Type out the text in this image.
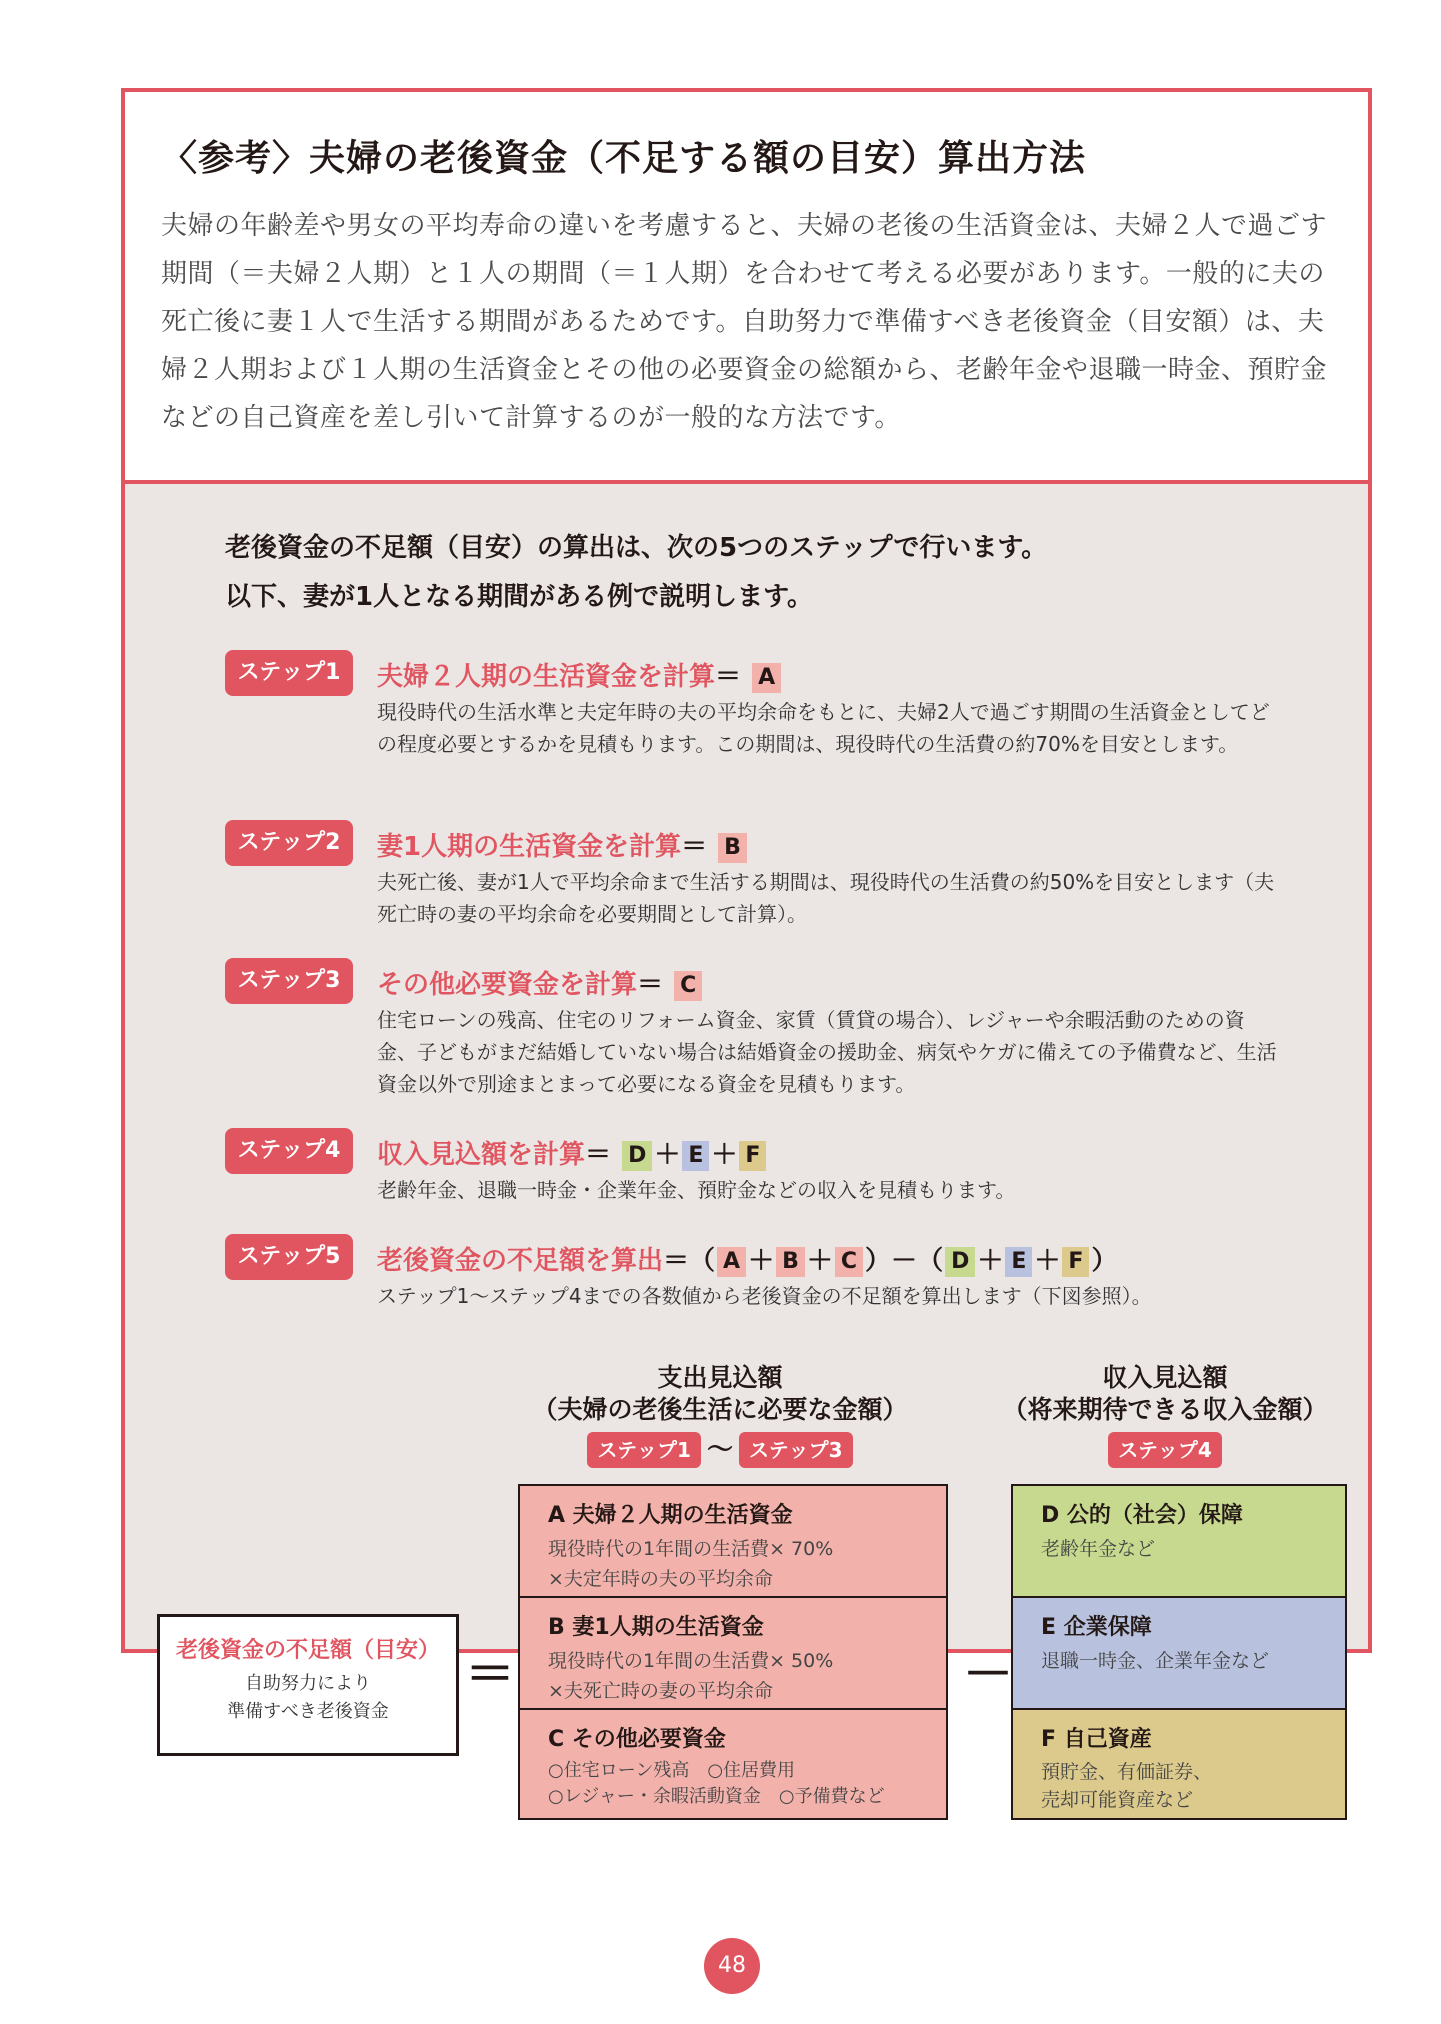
〈参考〉夫婦の老後資金（不足する額の目安）算出方法

夫婦の年齢差や男女の平均寿命の違いを考慮すると、夫婦の老後の生活資金は、夫婦２人で過ごす期間（＝夫婦２人期）と１人の期間（＝１人期）を合わせて考える必要があります。一般的に夫の死亡後に妻１人で生活する期間があるためです。自助努力で準備すべき老後資金（目安額）は、夫婦２人期および１人期の生活資金とその他の必要資金の総額から、老齢年金や退職一時金、預貯金などの自己資産を差し引いて計算するのが一般的な方法です。

老後資金の不足額（目安）の算出は、次の5つのステップで行います。
以下、妻が1人となる期間がある例で説明します。
ステップ1	夫婦２人期の生活資金を計算＝ A
現役時代の生活水準と夫定年時の夫の平均余命をもとに、夫婦2人で過ごす期間の生活資金としてどの程度必要とするかを見積もります。この期間は、現役時代の生活費の約70%を目安とします。
ステップ2	妻1人期の生活資金を計算＝ B
夫死亡後、妻が1人で平均余命まで生活する期間は、現役時代の生活費の約50%を目安とします（夫死亡時の妻の平均余命を必要期間として計算）。
ステップ3	その他必要資金を計算＝ C
住宅ローンの残高、住宅のリフォーム資金、家賃（賃貸の場合）、レジャーや余暇活動のための資金、子どもがまだ結婚していない場合は結婚資金の援助金、病気やケガに備えての予備費など、生活資金以外で別途まとまって必要になる資金を見積もります。
ステップ4	収入見込額を計算＝ D ＋ E ＋ F
老齢年金、退職一時金・企業年金、預貯金などの収入を見積もります。
ステップ5	老後資金の不足額を算出＝（ A ＋ B ＋ C ）－（ D ＋ E ＋ F ）
ステップ1～ステップ4までの各数値から老後資金の不足額を算出します（下図参照）。
支出見込額
（夫婦の老後生活に必要な金額）
ステップ1 ～ ステップ3
収入見込額
（将来期待できる収入金額）
ステップ4
老後資金の不足額（目安）
自助努力により
準備すべき老後資金
＝
A 夫婦２人期の生活資金
現役時代の1年間の生活費× 70%
×夫定年時の夫の平均余命
B 妻1人期の生活資金
現役時代の1年間の生活費× 50%
×夫死亡時の妻の平均余命
C その他必要資金
○住宅ローン残高　○住居費用
○レジャー・余暇活動資金　○予備費など
－
D 公的（社会）保障
老齢年金など
E 企業保障
退職一時金、企業年金など
F 自己資産
預貯金、有価証券、
売却可能資産など
48
